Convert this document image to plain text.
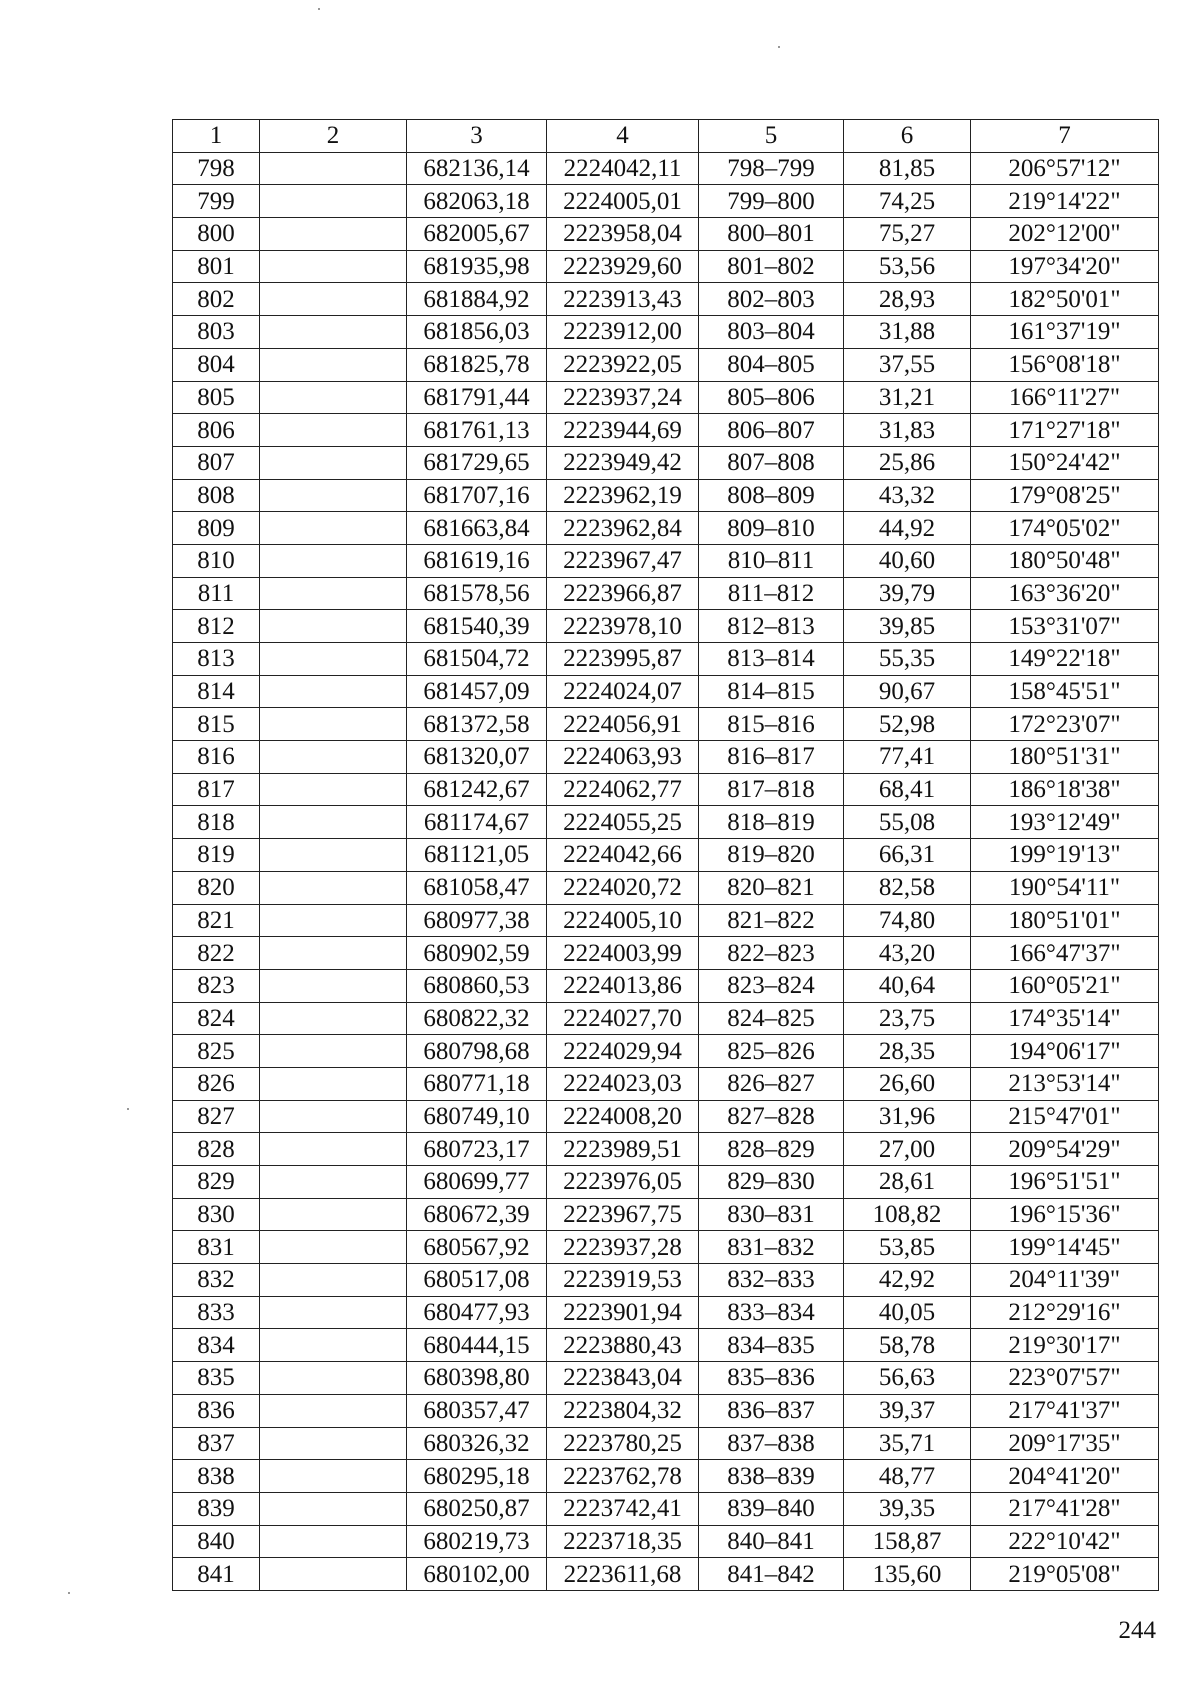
1	2	3	4	5	6	7
798		682136,14	2224042,11	798–799	81,85	206°57'12"
799		682063,18	2224005,01	799–800	74,25	219°14'22"
800		682005,67	2223958,04	800–801	75,27	202°12'00"
801		681935,98	2223929,60	801–802	53,56	197°34'20"
802		681884,92	2223913,43	802–803	28,93	182°50'01"
803		681856,03	2223912,00	803–804	31,88	161°37'19"
804		681825,78	2223922,05	804–805	37,55	156°08'18"
805		681791,44	2223937,24	805–806	31,21	166°11'27"
806		681761,13	2223944,69	806–807	31,83	171°27'18"
807		681729,65	2223949,42	807–808	25,86	150°24'42"
808		681707,16	2223962,19	808–809	43,32	179°08'25"
809		681663,84	2223962,84	809–810	44,92	174°05'02"
810		681619,16	2223967,47	810–811	40,60	180°50'48"
811		681578,56	2223966,87	811–812	39,79	163°36'20"
812		681540,39	2223978,10	812–813	39,85	153°31'07"
813		681504,72	2223995,87	813–814	55,35	149°22'18"
814		681457,09	2224024,07	814–815	90,67	158°45'51"
815		681372,58	2224056,91	815–816	52,98	172°23'07"
816		681320,07	2224063,93	816–817	77,41	180°51'31"
817		681242,67	2224062,77	817–818	68,41	186°18'38"
818		681174,67	2224055,25	818–819	55,08	193°12'49"
819		681121,05	2224042,66	819–820	66,31	199°19'13"
820		681058,47	2224020,72	820–821	82,58	190°54'11"
821		680977,38	2224005,10	821–822	74,80	180°51'01"
822		680902,59	2224003,99	822–823	43,20	166°47'37"
823		680860,53	2224013,86	823–824	40,64	160°05'21"
824		680822,32	2224027,70	824–825	23,75	174°35'14"
825		680798,68	2224029,94	825–826	28,35	194°06'17"
826		680771,18	2224023,03	826–827	26,60	213°53'14"
827		680749,10	2224008,20	827–828	31,96	215°47'01"
828		680723,17	2223989,51	828–829	27,00	209°54'29"
829		680699,77	2223976,05	829–830	28,61	196°51'51"
830		680672,39	2223967,75	830–831	108,82	196°15'36"
831		680567,92	2223937,28	831–832	53,85	199°14'45"
832		680517,08	2223919,53	832–833	42,92	204°11'39"
833		680477,93	2223901,94	833–834	40,05	212°29'16"
834		680444,15	2223880,43	834–835	58,78	219°30'17"
835		680398,80	2223843,04	835–836	56,63	223°07'57"
836		680357,47	2223804,32	836–837	39,37	217°41'37"
837		680326,32	2223780,25	837–838	35,71	209°17'35"
838		680295,18	2223762,78	838–839	48,77	204°41'20"
839		680250,87	2223742,41	839–840	39,35	217°41'28"
840		680219,73	2223718,35	840–841	158,87	222°10'42"
841		680102,00	2223611,68	841–842	135,60	219°05'08"
244
